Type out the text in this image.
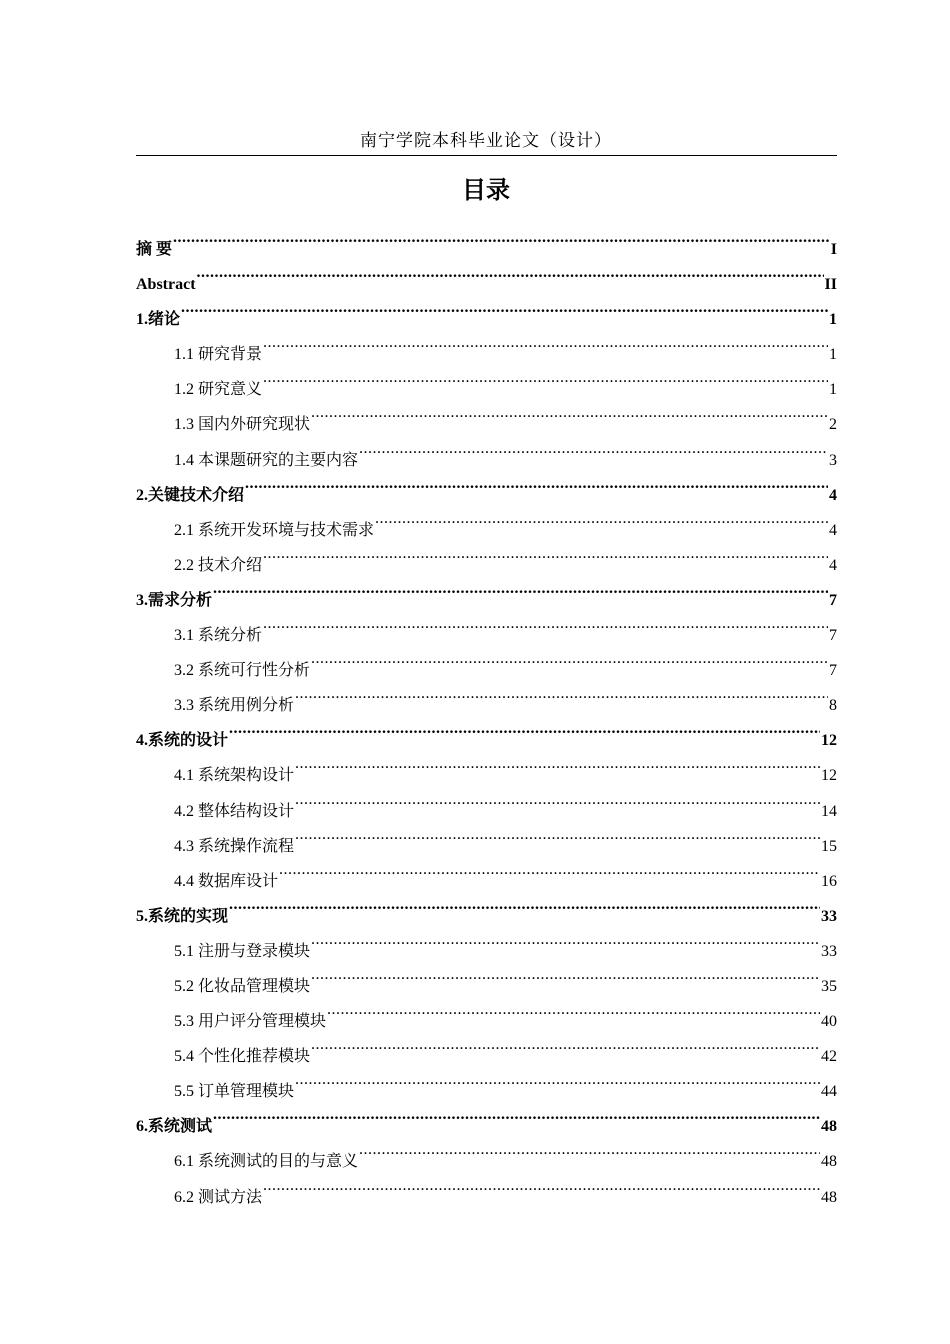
南宁学院本科毕业论文（设计）
目录
摘 要 .....	I
Abstract .....	II
1.绪论 .....	1
1.1 研究背景 .....	1
1.2 研究意义 .....	1
1.3 国内外研究现状 .....	2
1.4 本课题研究的主要内容 .....	3
2.关键技术介绍 .....	4
2.1 系统开发环境与技术需求 .....	4
2.2 技术介绍 .....	4
3.需求分析 .....	7
3.1 系统分析 .....	7
3.2 系统可行性分析 .....	7
3.3 系统用例分析 .....	8
4.系统的设计 .....	12
4.1 系统架构设计 .....	12
4.2 整体结构设计 .....	14
4.3 系统操作流程 .....	15
4.4 数据库设计 .....	16
5.系统的实现 .....	33
5.1 注册与登录模块 .....	33
5.2 化妆品管理模块 .....	35
5.3 用户评分管理模块 .....	40
5.4 个性化推荐模块 .....	42
5.5 订单管理模块 .....	44
6.系统测试 .....	48
6.1 系统测试的目的与意义 .....	48
6.2 测试方法 .....	48
